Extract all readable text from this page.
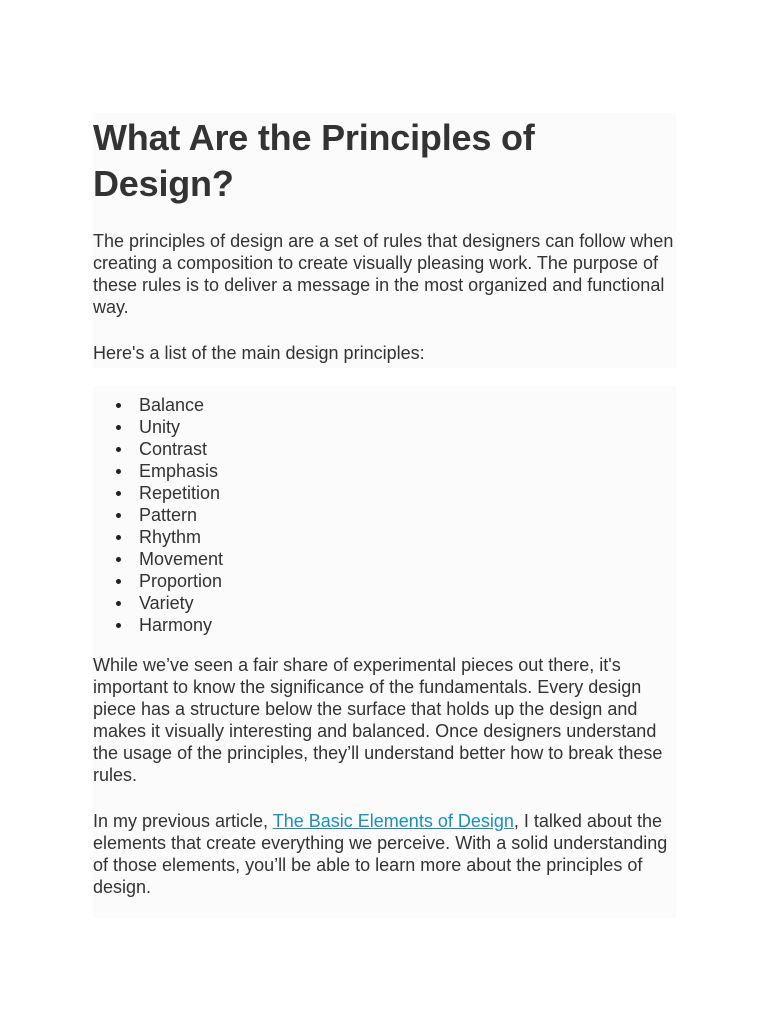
What Are the Principles of Design?

The principles of design are a set of rules that designers can follow when creating a composition to create visually pleasing work. The purpose of these rules is to deliver a message in the most organized and functional way.

Here's a list of the main design principles:

Balance
Unity
Contrast
Emphasis
Repetition
Pattern
Rhythm
Movement
Proportion
Variety
Harmony

While we’ve seen a fair share of experimental pieces out there, it's important to know the significance of the fundamentals. Every design piece has a structure below the surface that holds up the design and makes it visually interesting and balanced. Once designers understand the usage of the principles, they’ll understand better how to break these rules.

In my previous article, The Basic Elements of Design, I talked about the elements that create everything we perceive. With a solid understanding of those elements, you’ll be able to learn more about the principles of design.
